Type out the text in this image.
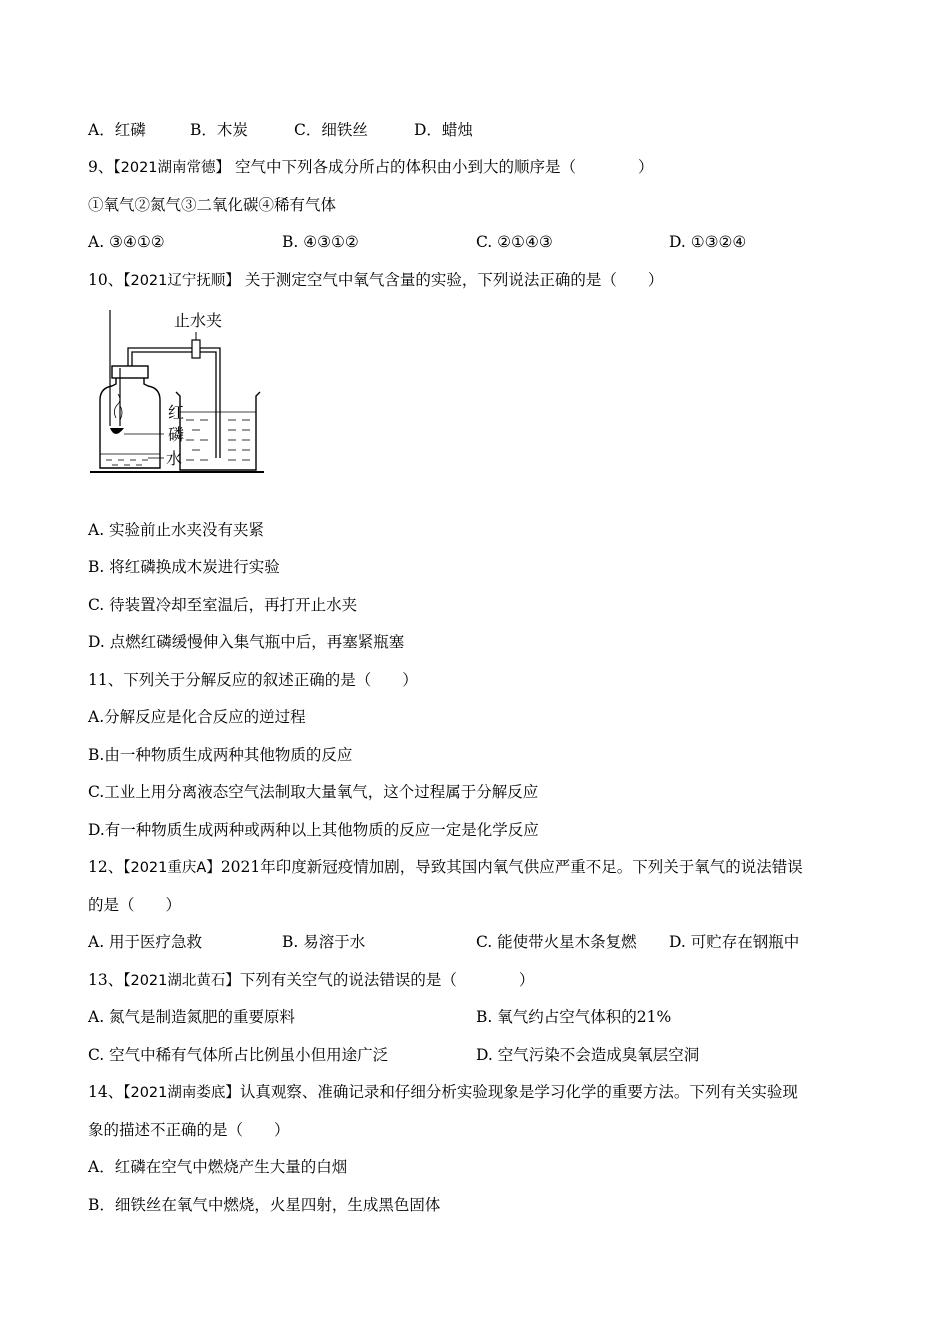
A．红磷	B．木炭	C．细铁丝	D．蜡烛
9、【2021湖南常德】 空气中下列各成分所占的体积由小到大的顺序是（　　　　）
①氧气②氮气③二氧化碳④稀有气体
A. ③④①②	B. ④③①②	C. ②①④③	D. ①③②④
10、【2021辽宁抚顺】 关于测定空气中氧气含量的实验，下列说法正确的是（　　）
止水夹
红
磷
水
A. 实验前止水夹没有夹紧
B. 将红磷换成木炭进行实验
C. 待装置冷却至室温后，再打开止水夹
D. 点燃红磷缓慢伸入集气瓶中后，再塞紧瓶塞
11、下列关于分解反应的叙述正确的是（　　）
A.分解反应是化合反应的逆过程
B.由一种物质生成两种其他物质的反应
C.工业上用分离液态空气法制取大量氧气，这个过程属于分解反应
D.有一种物质生成两种或两种以上其他物质的反应一定是化学反应
12、【2021重庆A】2021年印度新冠疫情加剧，导致其国内氧气供应严重不足。下列关于氧气的说法错误
的是（　　）
A. 用于医疗急救	B. 易溶于水	C. 能使带火星木条复燃 D. 可贮存在钢瓶中
13、【2021湖北黄石】下列有关空气的说法错误的是（　　　　）
A. 氮气是制造氮肥的重要原料	B. 氧气约占空气体积的21%
C. 空气中稀有气体所占比例虽小但用途广泛	D. 空气污染不会造成臭氧层空洞
14、【2021湖南娄底】认真观察、准确记录和仔细分析实验现象是学习化学的重要方法。下列有关实验现
象的描述不正确的是（　　）
A．红磷在空气中燃烧产生大量的白烟
B．细铁丝在氧气中燃烧，火星四射，生成黑色固体
